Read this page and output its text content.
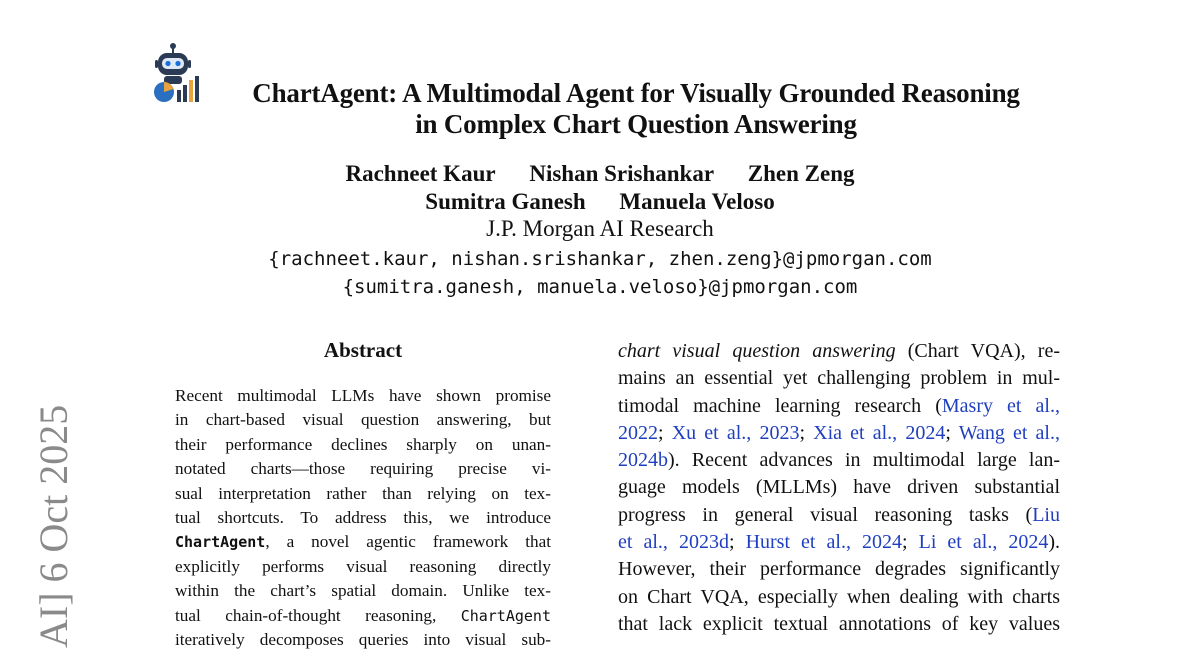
ChartAgent: A Multimodal Agent for Visually Grounded Reasoning
in Complex Chart Question Answering
Rachneet Kaur Nishan Srishankar Zhen Zeng
Sumitra Ganesh Manuela Veloso
J.P. Morgan AI Research
{rachneet.kaur, nishan.srishankar, zhen.zeng}@jpmorgan.com
{sumitra.ganesh, manuela.veloso}@jpmorgan.com
AI] 6 Oct 2025
Abstract
Recent multimodal LLMs have shown promise
in chart-based visual question answering, but
their performance declines sharply on unan-
notated charts—those requiring precise vi-
sual interpretation rather than relying on tex-
tual shortcuts. To address this, we introduce
ChartAgent, a novel agentic framework that
explicitly performs visual reasoning directly
within the chart’s spatial domain. Unlike tex-
tual chain-of-thought reasoning, ChartAgent
iteratively decomposes queries into visual sub-
chart visual question answering (Chart VQA), re-
mains an essential yet challenging problem in mul-
timodal machine learning research (Masry et al.,
2022; Xu et al., 2023; Xia et al., 2024; Wang et al.,
2024b). Recent advances in multimodal large lan-
guage models (MLLMs) have driven substantial
progress in general visual reasoning tasks (Liu
et al., 2023d; Hurst et al., 2024; Li et al., 2024).
However, their performance degrades significantly
on Chart VQA, especially when dealing with charts
that lack explicit textual annotations of key values
